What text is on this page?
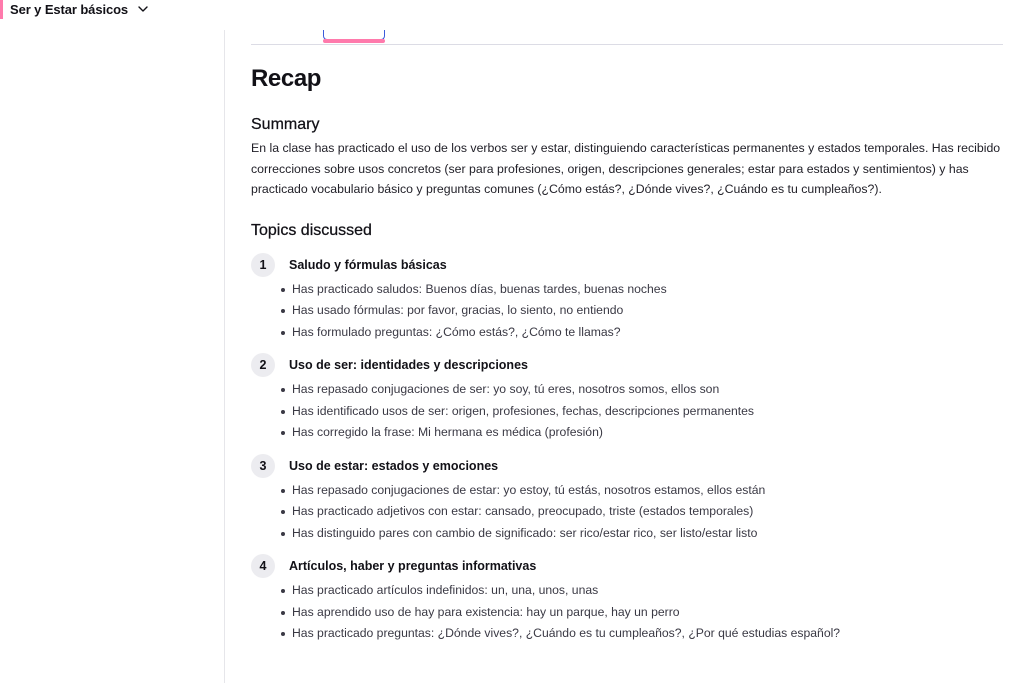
Ser y Estar básicos
Recap
Summary

En la clase has practicado el uso de los verbos ser y estar, distinguiendo características permanentes y estados temporales. Has recibido correcciones sobre usos concretos (ser para profesiones, origen, descripciones generales; estar para estados y sentimientos) y has practicado vocabulario básico y preguntas comunes (¿Cómo estás?, ¿Dónde vives?, ¿Cuándo es tu cumpleaños?).

Topics discussed
1	Saludo y fórmulas básicas
Has practicado saludos: Buenos días, buenas tardes, buenas noches
Has usado fórmulas: por favor, gracias, lo siento, no entiendo
Has formulado preguntas: ¿Cómo estás?, ¿Cómo te llamas?
2	Uso de ser: identidades y descripciones
Has repasado conjugaciones de ser: yo soy, tú eres, nosotros somos, ellos son
Has identificado usos de ser: origen, profesiones, fechas, descripciones permanentes
Has corregido la frase: Mi hermana es médica (profesión)
3	Uso de estar: estados y emociones
Has repasado conjugaciones de estar: yo estoy, tú estás, nosotros estamos, ellos están
Has practicado adjetivos con estar: cansado, preocupado, triste (estados temporales)
Has distinguido pares con cambio de significado: ser rico/estar rico, ser listo/estar listo
4	Artículos, haber y preguntas informativas
Has practicado artículos indefinidos: un, una, unos, unas
Has aprendido uso de hay para existencia: hay un parque, hay un perro
Has practicado preguntas: ¿Dónde vives?, ¿Cuándo es tu cumpleaños?, ¿Por qué estudias español?
